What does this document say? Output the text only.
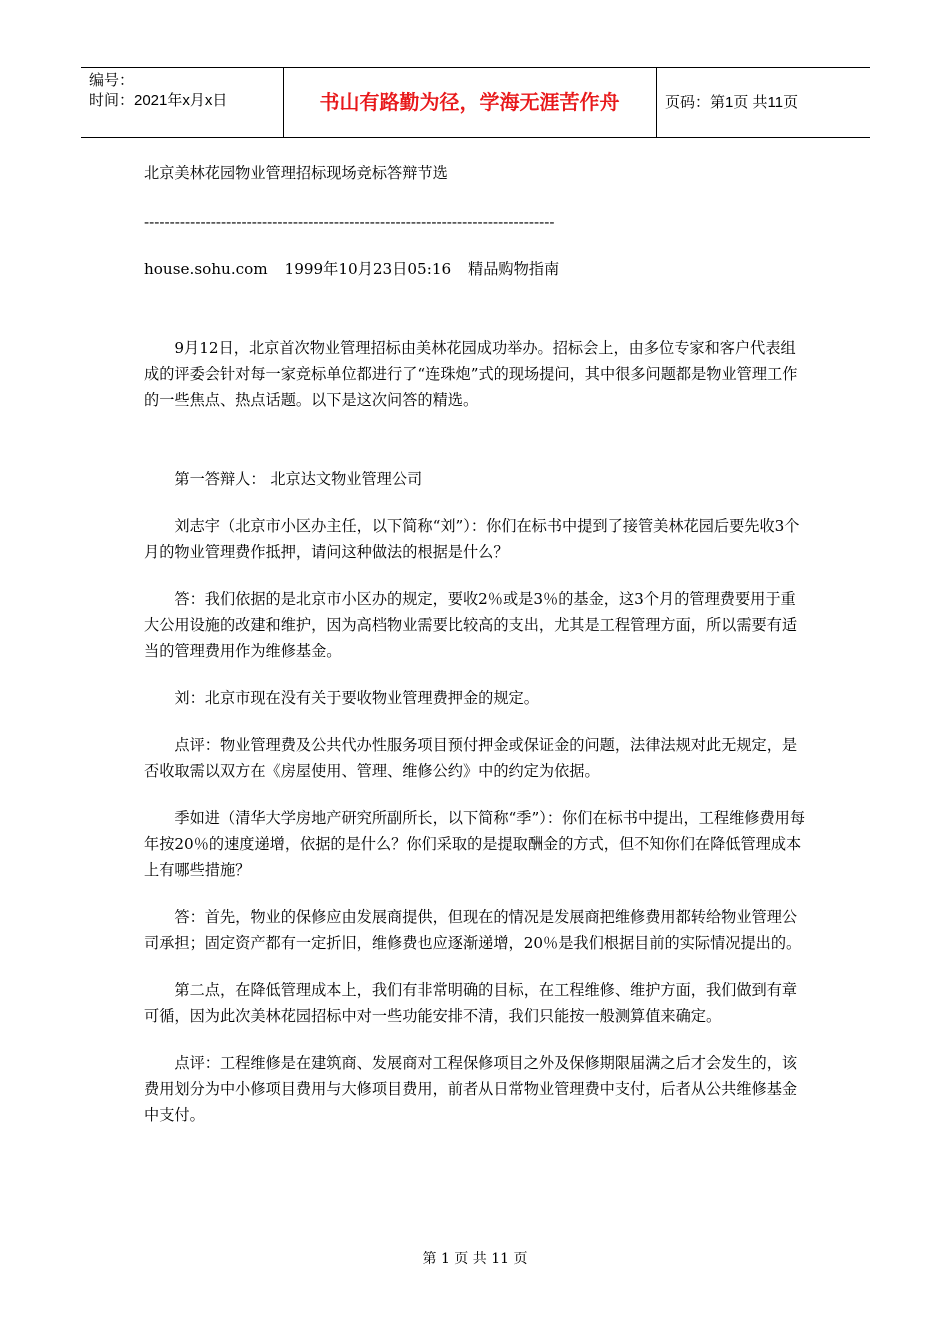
编号：
时间：2021年x月x日	书山有路勤为径，学海无涯苦作舟	页码：第1页 共11页

北京美林花园物业管理招标现场竞标答辩节选

--------------------------------------------------------------------------------

house.sohu.com 1999年10月23日05:16 精品购物指南

9月12日，北京首次物业管理招标由美林花园成功举办。招标会上，由多位专家和客户代表组成的评委会针对每一家竞标单位都进行了“连珠炮”式的现场提问，其中很多问题都是物业管理工作的一些焦点、热点话题。以下是这次问答的精选。

第一答辩人： 北京达文物业管理公司

刘志宇（北京市小区办主任，以下简称“刘”）：你们在标书中提到了接管美林花园后要先收3个月的物业管理费作抵押，请问这种做法的根据是什么？

答：我们依据的是北京市小区办的规定，要收2％或是3％的基金，这3个月的管理费要用于重大公用设施的改建和维护，因为高档物业需要比较高的支出，尤其是工程管理方面，所以需要有适当的管理费用作为维修基金。

刘：北京市现在没有关于要收物业管理费押金的规定。

点评：物业管理费及公共代办性服务项目预付押金或保证金的问题，法律法规对此无规定，是否收取需以双方在《房屋使用、管理、维修公约》中的约定为依据。

季如进（清华大学房地产研究所副所长，以下简称“季”）：你们在标书中提出，工程维修费用每年按20％的速度递增，依据的是什么？你们采取的是提取酬金的方式，但不知你们在降低管理成本上有哪些措施？

答：首先，物业的保修应由发展商提供，但现在的情况是发展商把维修费用都转给物业管理公司承担；固定资产都有一定折旧，维修费也应逐渐递增，20％是我们根据目前的实际情况提出的。

第二点，在降低管理成本上，我们有非常明确的目标，在工程维修、维护方面，我们做到有章可循，因为此次美林花园招标中对一些功能安排不清，我们只能按一般测算值来确定。

点评：工程维修是在建筑商、发展商对工程保修项目之外及保修期限届满之后才会发生的，该费用划分为中小修项目费用与大修项目费用，前者从日常物业管理费中支付，后者从公共维修基金中支付。

第 1 页 共 11 页
